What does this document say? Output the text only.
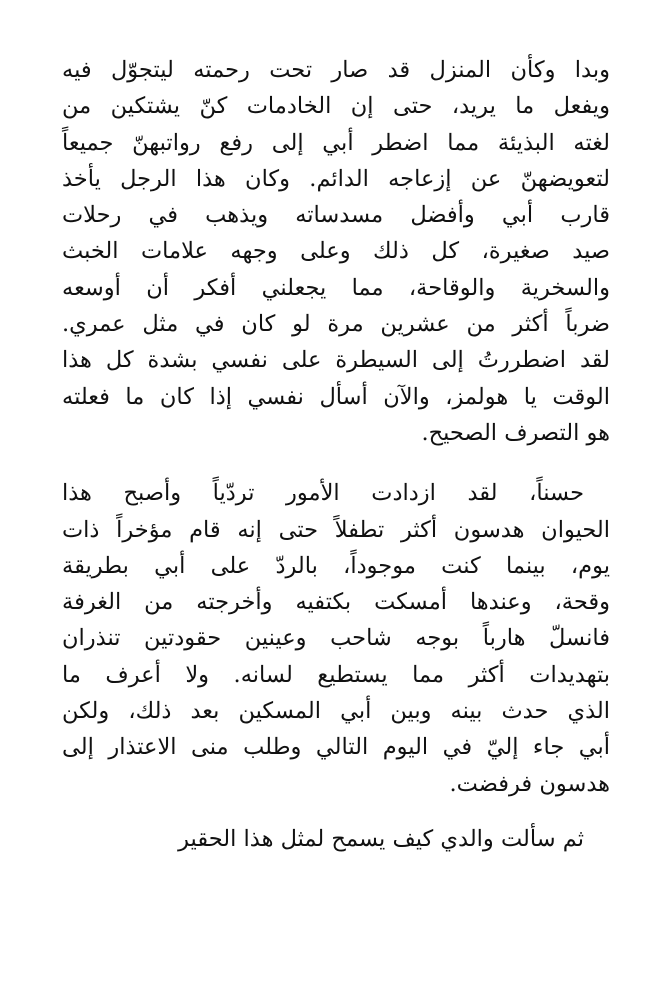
وبدا وكأن المنزل قد صار تحت رحمته ليتجوّل فيه
ويفعل ما يريد، حتى إن الخادمات كنّ يشتكين من
لغته البذيئة مما اضطر أبي إلى رفع رواتبهنّ جميعاً
لتعويضهنّ عن إزعاجه الدائم. وكان هذا الرجل يأخذ
قارب أبي وأفضل مسدساته ويذهب في رحلات
صيد صغيرة، كل ذلك وعلى وجهه علامات الخبث
والسخرية والوقاحة، مما يجعلني أفكر أن أوسعه
ضرباً أكثر من عشرين مرة لو كان في مثل عمري.
لقد اضطررتُ إلى السيطرة على نفسي بشدة كل هذا
الوقت يا هولمز، والآن أسأل نفسي إذا كان ما فعلته
هو التصرف الصحيح.
حسناً، لقد ازدادت الأمور تردّياً وأصبح هذا
الحيوان هدسون أكثر تطفلاً حتى إنه قام مؤخراً ذات
يوم، بينما كنت موجوداً، بالردّ على أبي بطريقة
وقحة، وعندها أمسكت بكتفيه وأخرجته من الغرفة
فانسلّ هارباً بوجه شاحب وعينين حقودتين تنذران
بتهديدات أكثر مما يستطيع لسانه. ولا أعرف ما
الذي حدث بينه وبين أبي المسكين بعد ذلك، ولكن
أبي جاء إليّ في اليوم التالي وطلب منى الاعتذار إلى
هدسون فرفضت.
ثم سألت والدي كيف يسمح لمثل هذا الحقير
